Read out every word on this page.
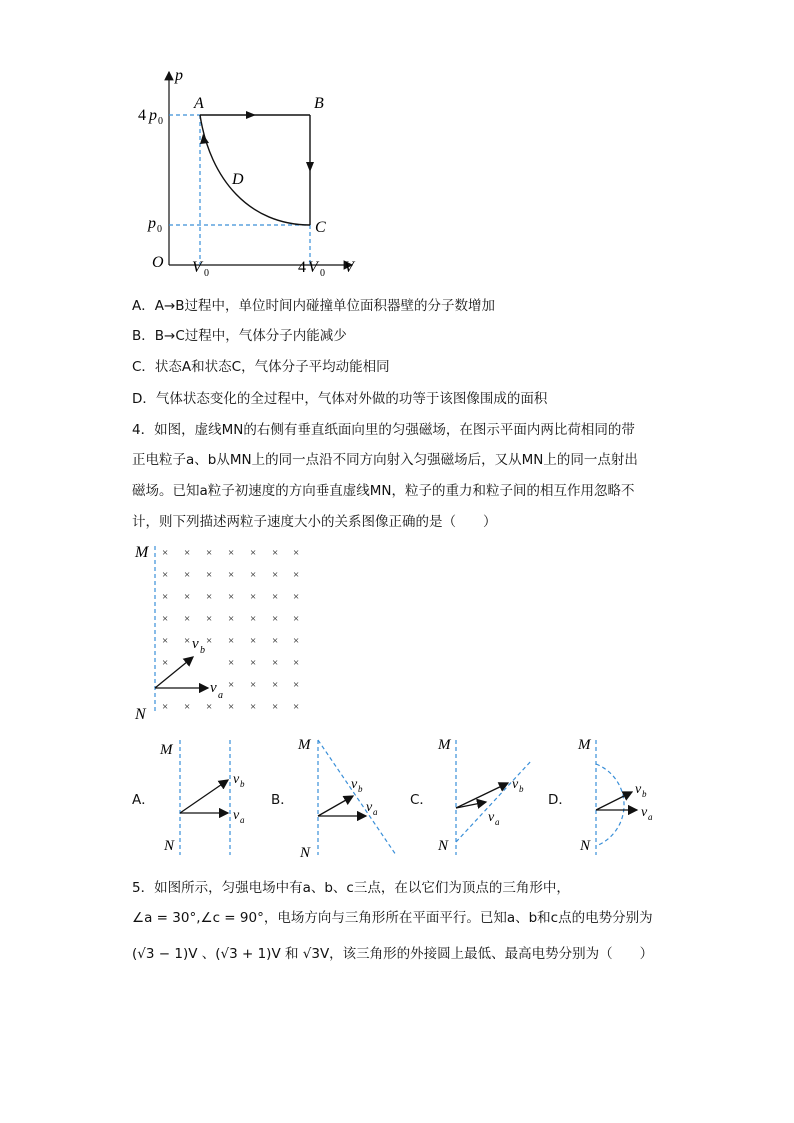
p
V
O
4 p 0
p 0
V 0	4 V 0
A	B
C
D
A．A→B过程中，单位时间内碰撞单位面积器壁的分子数增加
B．B→C过程中，气体分子内能减少
C．状态A和状态C，气体分子平均动能相同
D．气体状态变化的全过程中，气体对外做的功等于该图像围成的面积
4．如图，虚线MN的右侧有垂直纸面向里的匀强磁场，在图示平面内两比荷相同的带
正电粒子a、b从MN上的同一点沿不同方向射入匀强磁场后，又从MN上的同一点射出
磁场。已知a粒子初速度的方向垂直虚线MN，粒子的重力和粒子间的相互作用忽略不
计，则下列描述两粒子速度大小的关系图像正确的是（　　）
× × × × × × ×
× × × × × × ×
× × × × × × ×
× × × × × × ×
× × × × × × ×
×	× × × ×
× × × ×
× × × × × × ×
M
N
v b
v a
A．	B．	C．	D．
M
N
v b
v a
M
N
v b
v a
M
N
v b
v a
M
N
v b
v a
5．如图所示，匀强电场中有a、b、c三点，在以它们为顶点的三角形中，
∠a = 30°,∠c = 90°，电场方向与三角形所在平面平行。已知a、b和c点的电势分别为
(√3 − 1)V 、(√3 + 1)V 和 √3V，该三角形的外接圆上最低、最高电势分别为（　　）
